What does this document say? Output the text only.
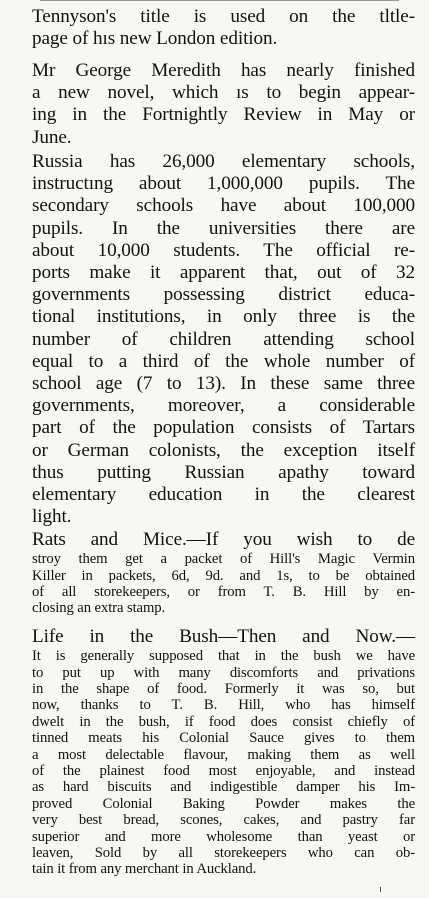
Tennyson's title is used on the tltle-
page of hıs new London edition.

Mr George Meredith has nearly finished
a new novel, which ıs to begin appear-
ing in the Fortnightly Review in May or
June.

Russia has 26,000 elementary schools,
instructıng about 1,000,000 pupils. The
secondary schools have about 100,000
pupils. In the universities there are
about 10,000 students. The official re-
ports make it apparent that, out of 32
governments possessing district educa-
tional institutions, in only three is the
number of children attending school
equal to a third of the whole number of
school age (7 to 13). In these same three
governments, moreover, a considerable
part of the population consists of Tartars
or German colonists, the exception itself
thus putting Russian apathy toward
elementary education in the clearest
light.

Rats and Mice.—If you wish to de
stroy them get a packet of Hill's Magic Vermin
Killer in packets, 6d, 9d. and 1s, to be obtained
of all storekeepers, or from T. B. Hill by en-
closing an extra stamp.

Life in the Bush—Then and Now.—
It is generally supposed that in the bush we have
to put up with many discomforts and privations
in the shape of food. Formerly it was so, but
now, thanks to T. B. Hill, who has himself
dwelt in the bush, if food does consist chiefly of
tinned meats his Colonial Sauce gives to them
a most delectable flavour, making them as well
of the plainest food most enjoyable, and instead
as hard biscuits and indigestible damper his Im-
proved Colonial Baking Powder makes the
very best bread, scones, cakes, and pastry far
superior and more wholesome than yeast or
leaven, Sold by all storekeepers who can ob-
tain it from any merchant in Auckland.
